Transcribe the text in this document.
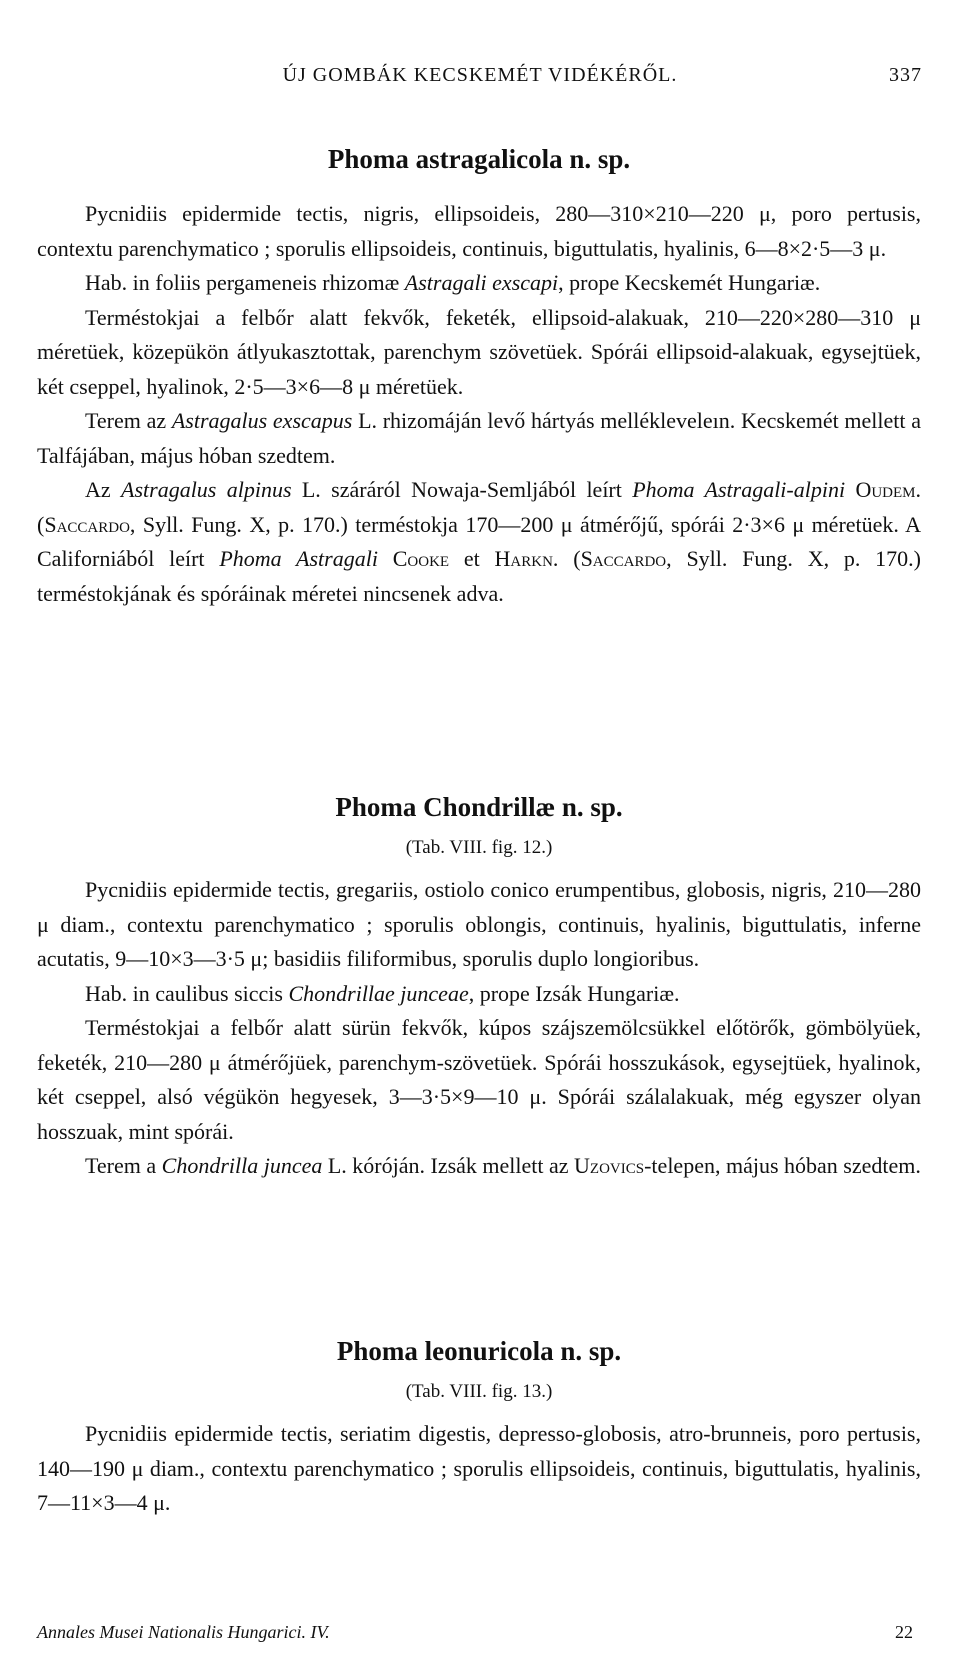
ÚJ GOMBÁK KECSKEMÉT VIDÉKÉRŐL.	337
Phoma astragalicola n. sp.

Pycnidiis epidermide tectis, nigris, ellipsoideis, 280—310×210—220 μ, poro pertusis, contextu parenchymatico ; sporulis ellipsoideis, continuis, biguttulatis, hyalinis, 6—8×2·5—3 μ.

Hab. in foliis pergameneis rhizomæ Astragali exscapi, prope Kecskemét Hungariæ.

Terméstokjai a felbőr alatt fekvők, feketék, ellipsoid-alakuak, 210—220×280—310 μ méretüek, közepükön átlyukasztottak, parenchym szövetüek. Spórái ellipsoid-alakuak, egysejtüek, két cseppel, hyalinok, 2·5—3×6—8 μ méretüek.

Terem az Astragalus exscapus L. rhizomáján levő hártyás mellékleveleın. Kecskemét mellett a Talfájában, május hóban szedtem.

Az Astragalus alpinus L. száráról Nowaja-Semljából leírt Phoma Astragali-alpini Oudem. (Saccardo, Syll. Fung. X, p. 170.) terméstokja 170—200 μ átmérőjű, spórái 2·3×6 μ méretüek. A Californiából leírt Phoma Astragali Cooke et Harkn. (Saccardo, Syll. Fung. X, p. 170.) terméstokjának és spóráinak méretei nincsenek adva.

Phoma Chondrillæ n. sp.

(Tab. VIII. fig. 12.)

Pycnidiis epidermide tectis, gregariis, ostiolo conico erumpentibus, globosis, nigris, 210—280 μ diam., contextu parenchymatico ; sporulis oblongis, continuis, hyalinis, biguttulatis, inferne acutatis, 9—10×3—3·5 μ; basidiis filiformibus, sporulis duplo longioribus.

Hab. in caulibus siccis Chondrillae junceae, prope Izsák Hungariæ.

Terméstokjai a felbőr alatt sürün fekvők, kúpos szájszemölcsükkel előtörők, gömbölyüek, feketék, 210—280 μ átmérőjüek, parenchym-szövetüek. Spórái hosszukások, egysejtüek, hyalinok, két cseppel, alsó végükön hegyesek, 3—3·5×9—10 μ. Spórái szálalakuak, még egyszer olyan hosszuak, mint spórái.

Terem a Chondrilla juncea L. kóróján. Izsák mellett az Uzovics-telepen, május hóban szedtem.

Phoma leonuricola n. sp.

(Tab. VIII. fig. 13.)

Pycnidiis epidermide tectis, seriatim digestis, depresso-globosis, atro-brunneis, poro pertusis, 140—190 μ diam., contextu parenchymatico ; sporulis ellipsoideis, continuis, biguttulatis, hyalinis, 7—11×3—4 μ.

Annales Musei Nationalis Hungarici. IV.	22
